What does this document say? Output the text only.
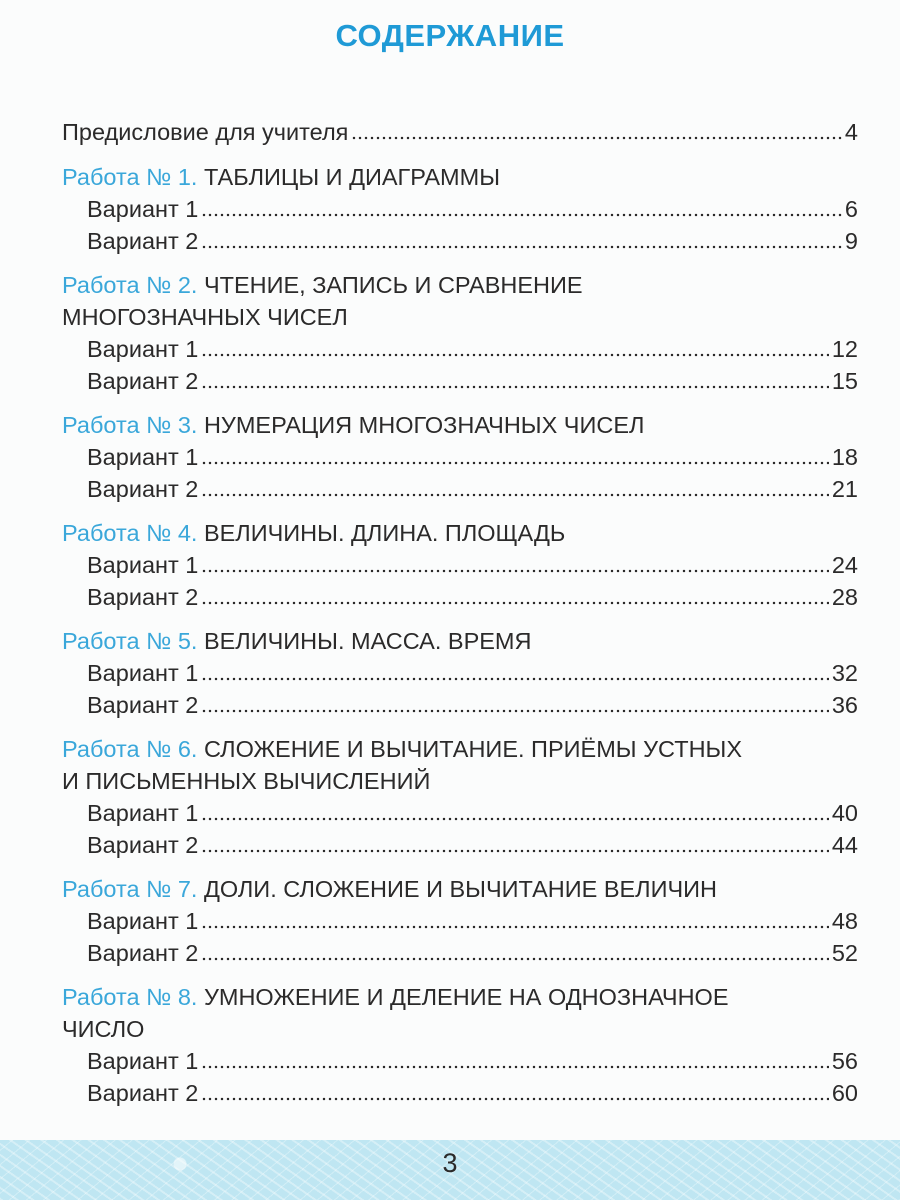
СОДЕРЖАНИЕ
Предисловие для учителя	4
Работа № 1.
ТАБЛИЦЫ И ДИАГРАММЫ
Вариант 1	6
Вариант 2	9
Работа № 2.
ЧТЕНИЕ, ЗАПИСЬ И СРАВНЕНИЕ
МНОГОЗНАЧНЫХ ЧИСЕЛ
Вариант 1	12
Вариант 2	15
Работа № 3.
НУМЕРАЦИЯ МНОГОЗНАЧНЫХ ЧИСЕЛ
Вариант 1	18
Вариант 2	21
Работа № 4.
ВЕЛИЧИНЫ. ДЛИНА. ПЛОЩАДЬ
Вариант 1	24
Вариант 2	28
Работа № 5.
ВЕЛИЧИНЫ. МАССА. ВРЕМЯ
Вариант 1	32
Вариант 2	36
Работа № 6.
СЛОЖЕНИЕ И ВЫЧИТАНИЕ. ПРИЁМЫ УСТНЫХ
И ПИСЬМЕННЫХ ВЫЧИСЛЕНИЙ
Вариант 1	40
Вариант 2	44
Работа № 7.
ДОЛИ. СЛОЖЕНИЕ И ВЫЧИТАНИЕ ВЕЛИЧИН
Вариант 1	48
Вариант 2	52
Работа № 8.
УМНОЖЕНИЕ И ДЕЛЕНИЕ НА ОДНОЗНАЧНОЕ
ЧИСЛО
Вариант 1	56
Вариант 2	60
3
